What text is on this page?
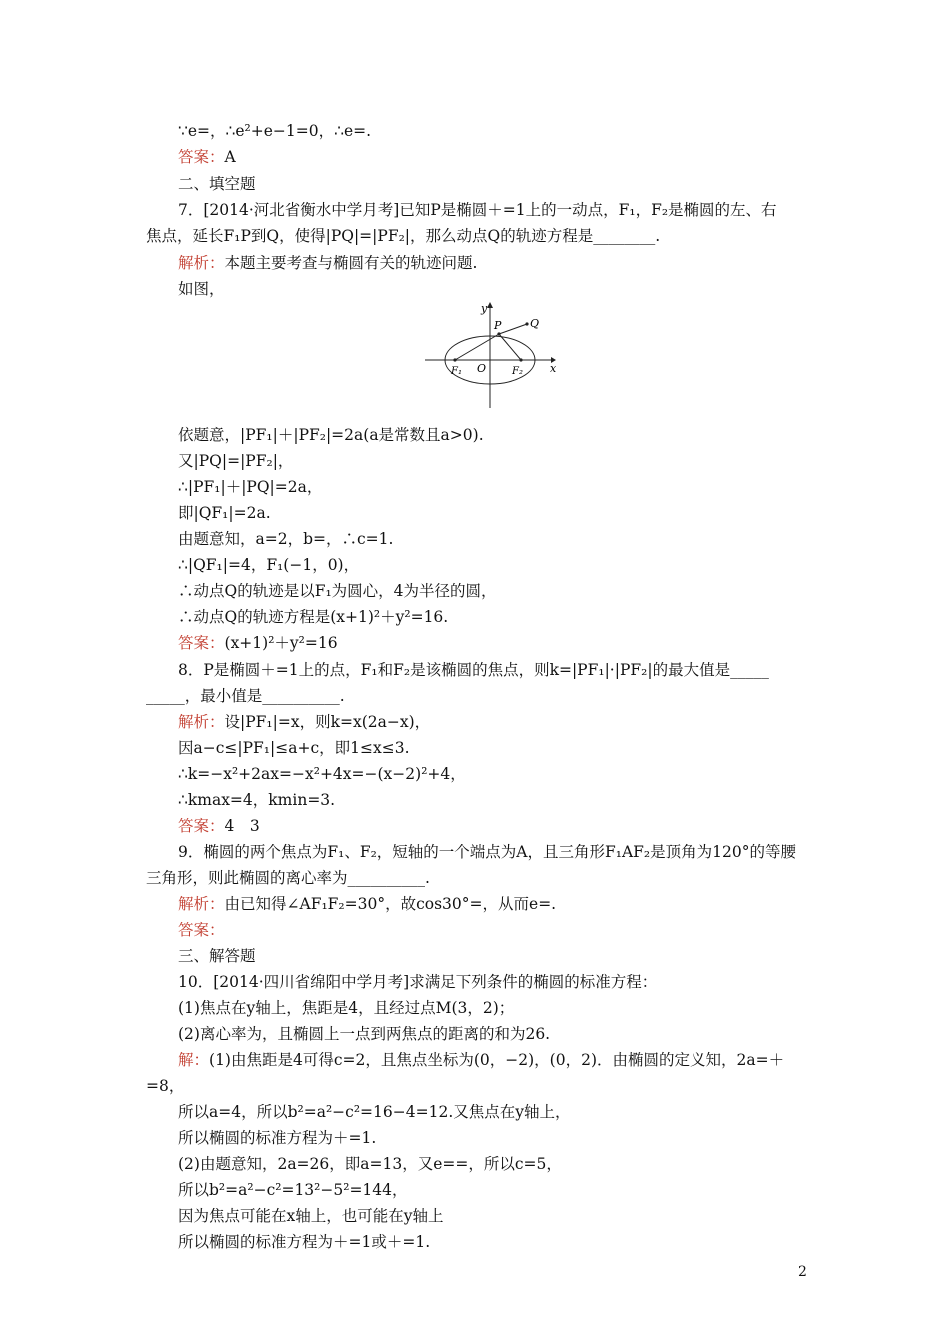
∵e=，∴e²+e−1=0，∴e=.
答案：A
二、填空题
7．[2014·河北省衡水中学月考]已知P是椭圆＋=1上的一动点，F₁，F₂是椭圆的左、右
焦点，延长F₁P到Q，使得|PQ|=|PF₂|，那么动点Q的轨迹方程是________.
解析：本题主要考查与椭圆有关的轨迹问题.
如图，
依题意，|PF₁|＋|PF₂|=2a(a是常数且a>0).
又|PQ|=|PF₂|，
∴|PF₁|＋|PQ|=2a，
即|QF₁|=2a.
由题意知，a=2，b=，∴c=1.
∴|QF₁|=4，F₁(−1，0)，
∴动点Q的轨迹是以F₁为圆心，4为半径的圆，
∴动点Q的轨迹方程是(x+1)²＋y²=16.
答案：(x+1)²＋y²=16
8．P是椭圆＋=1上的点，F₁和F₂是该椭圆的焦点，则k=|PF₁|·|PF₂|的最大值是_____
_____，最小值是__________.
解析：设|PF₁|=x，则k=x(2a−x)，
因a−c≤|PF₁|≤a+c，即1≤x≤3.
∴k=−x²+2ax=−x²+4x=−(x−2)²+4，
∴kmax=4，kmin=3.
答案：4　3
9．椭圆的两个焦点为F₁、F₂，短轴的一个端点为A，且三角形F₁AF₂是顶角为120°的等腰
三角形，则此椭圆的离心率为__________.
解析：由已知得∠AF₁F₂=30°，故cos30°=，从而e=.
答案：
三、解答题
10．[2014·四川省绵阳中学月考]求满足下列条件的椭圆的标准方程：
(1)焦点在y轴上，焦距是4，且经过点M(3，2)；
(2)离心率为，且椭圆上一点到两焦点的距离的和为26.
解：(1)由焦距是4可得c=2，且焦点坐标为(0，−2)，(0，2)．由椭圆的定义知，2a=＋
=8，
所以a=4，所以b²=a²−c²=16−4=12.又焦点在y轴上，
所以椭圆的标准方程为＋=1.
(2)由题意知，2a=26，即a=13，又e==，所以c=5，
所以b²=a²−c²=13²−5²=144，
因为焦点可能在x轴上，也可能在y轴上
所以椭圆的标准方程为＋=1或＋=1.
y
x
O
P	Q
F₁	F₂
2
